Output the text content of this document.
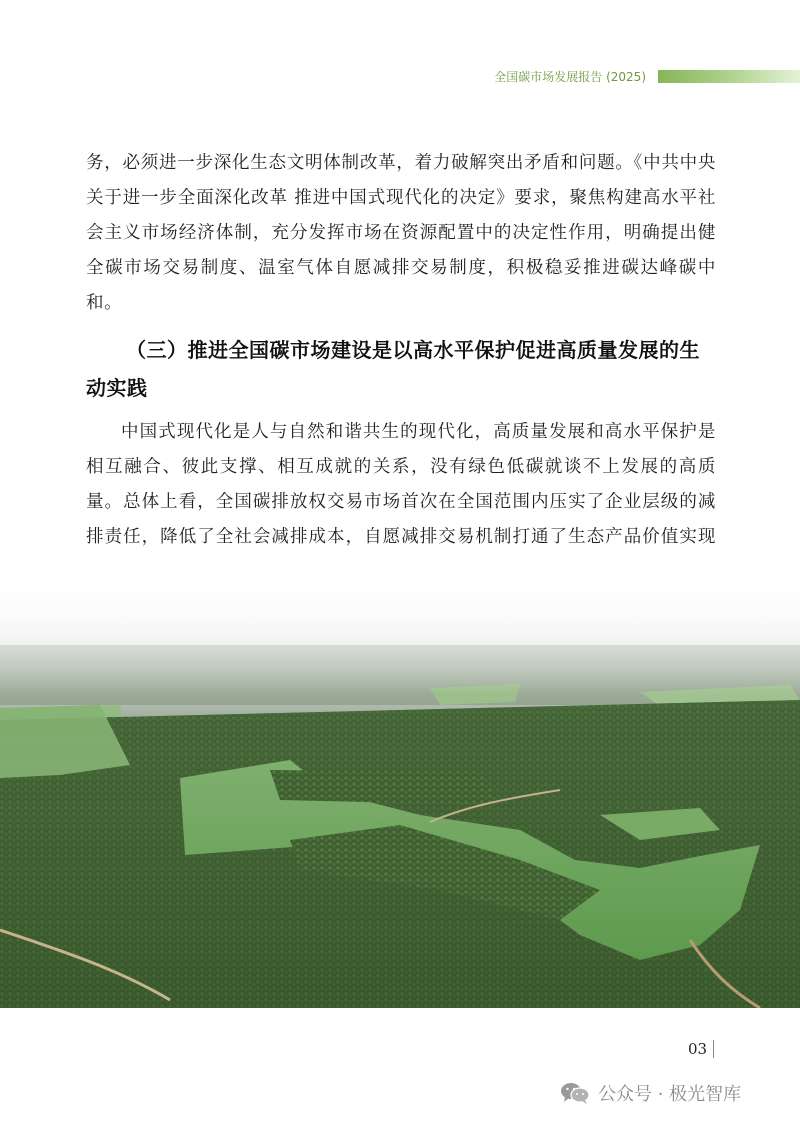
全国碳市场发展报告 (2025)

务，必须进一步深化生态文明体制改革，着力破解突出矛盾和问题。《中共中央关于进一步全面深化改革 推进中国式现代化的决定》要求，聚焦构建高水平社会主义市场经济体制，充分发挥市场在资源配置中的决定性作用，明确提出健全碳市场交易制度、温室气体自愿减排交易制度，积极稳妥推进碳达峰碳中和。

（三）推进全国碳市场建设是以高水平保护促进高质量发展的生动实践

中国式现代化是人与自然和谐共生的现代化，高质量发展和高水平保护是相互融合、彼此支撑、相互成就的关系，没有绿色低碳就谈不上发展的高质量。总体上看，全国碳排放权交易市场首次在全国范围内压实了企业层级的减排责任，降低了全社会减排成本，自愿减排交易机制打通了生态产品价值实现

03
公众号 · 极光智库
